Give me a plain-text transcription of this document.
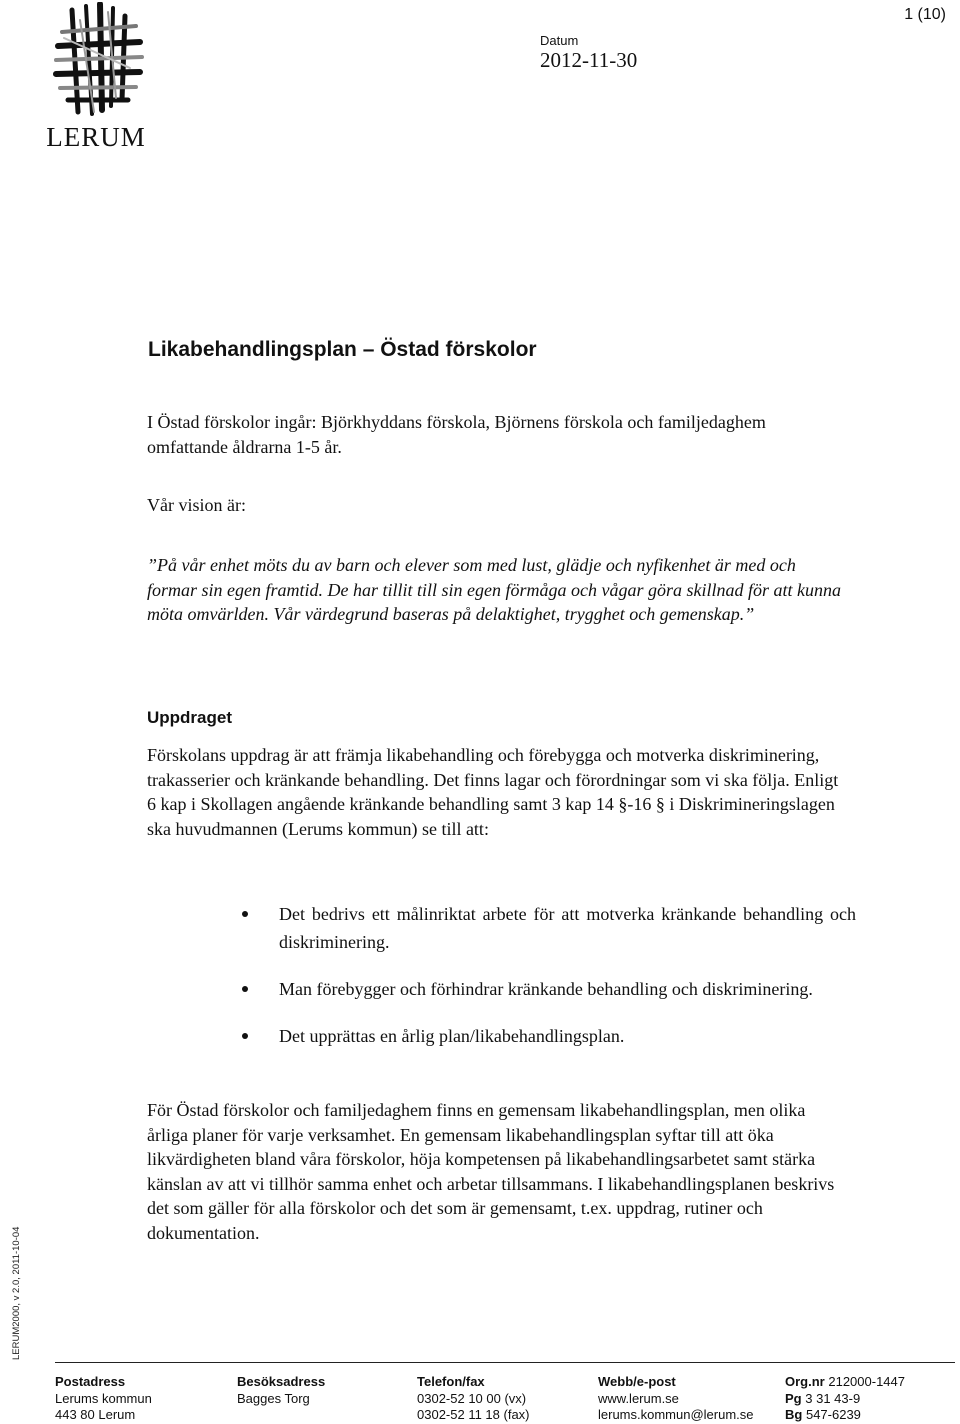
LERUM
1 (10)
Datum
2012-11-30
Likabehandlingsplan – Östad förskolor

I Östad förskolor ingår: Björkhyddans förskola, Björnens förskola och familjedaghem omfattande åldrarna 1-5 år.

Vår vision är:

”På vår enhet möts du av barn och elever som med lust, glädje och nyfikenhet är med och formar sin egen framtid. De har tillit till sin egen förmåga och vågar göra skillnad för att kunna möta omvärlden. Vår värdegrund baseras på delaktighet, trygghet och gemenskap.”

Uppdraget

Förskolans uppdrag är att främja likabehandling och förebygga och motverka diskriminering, trakasserier och kränkande behandling. Det finns lagar och förordningar som vi ska följa. Enligt 6 kap i Skollagen angående kränkande behandling samt 3 kap 14 §-16 § i Diskrimineringslagen ska huvudmannen (Lerums kommun) se till att:

Det bedrivs ett målinriktat arbete för att motverka kränkande behandling och diskriminering.
Man förebygger och förhindrar kränkande behandling och diskriminering.
Det upprättas en årlig plan/likabehandlingsplan.

För Östad förskolor och familjedaghem finns en gemensam likabehandlingsplan, men olika årliga planer för varje verksamhet. En gemensam likabehandlingsplan syftar till att öka likvärdigheten bland våra förskolor, höja kompetensen på likabehandlingsarbetet samt stärka känslan av att vi tillhör samma enhet och arbetar tillsammans. I likabehandlingsplanen beskrivs det som gäller för alla förskolor och det som är gemensamt, t.ex. uppdrag, rutiner och dokumentation.

LERUM2000, v 2.0, 2011-10-04
Postadress
Lerums kommun
443 80 Lerum
Besöksadress
Bagges Torg
Telefon/fax
0302-52 10 00 (vx)
0302-52 11 18 (fax)
Webb/e-post
www.lerum.se
lerums.kommun@lerum.se
Org.nr 212000-1447
Pg 3 31 43-9
Bg 547-6239
